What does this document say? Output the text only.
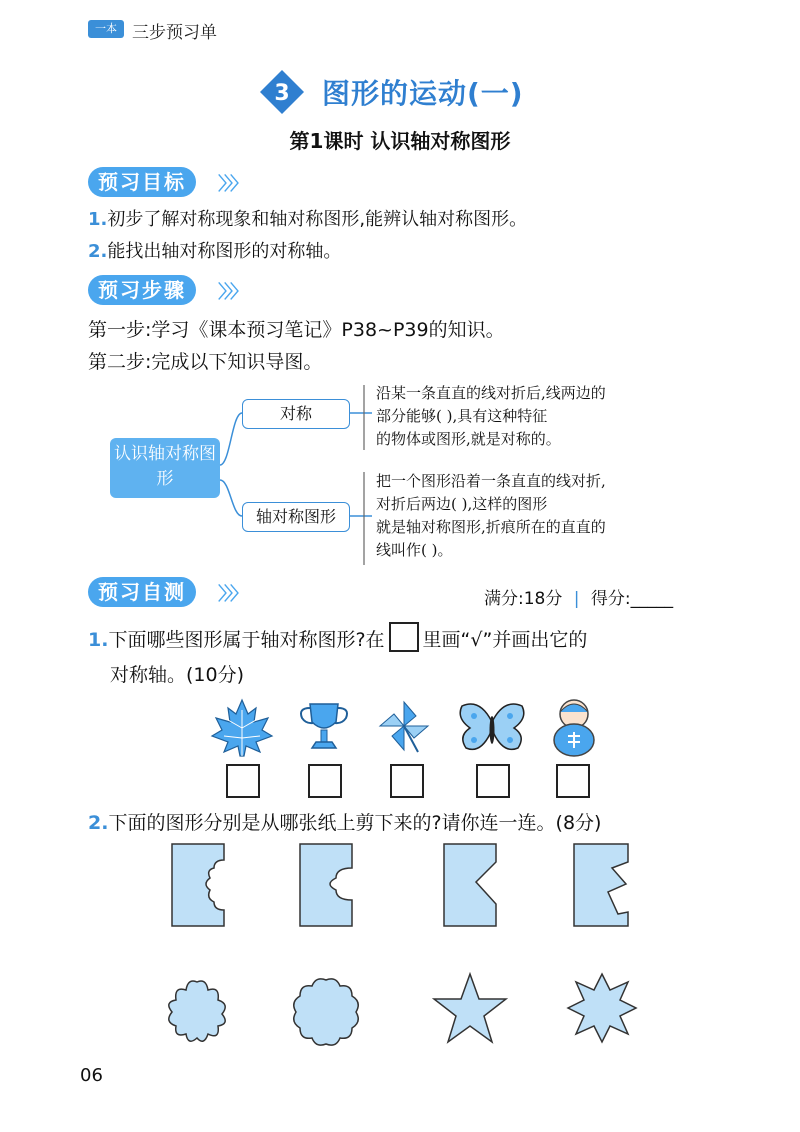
一本 三步预习单
3 图形的运动(一)
第1课时 认识轴对称图形
预习目标	〉〉〉
1.初步了解对称现象和轴对称图形,能辨认轴对称图形。
2.能找出轴对称图形的对称轴。
预习步骤	〉〉〉
第一步:学习《课本预习笔记》P38~P39的知识。
第二步:完成以下知识导图。
认识轴对称图形
对称
轴对称图形
沿某一条直直的线对折后,线两边的
部分能够( ),具有这种特征
的物体或图形,就是对称的。
把一个图形沿着一条直直的线对折,
对折后两边( ),这样的图形
就是轴对称图形,折痕所在的直直的
线叫作( )。
预习自测	〉〉〉	满分:18分 | 得分:_____
1.下面哪些图形属于轴对称图形?在 里画“√”并画出它的
对称轴。(10分)
2.下面的图形分别是从哪张纸上剪下来的?请你连一连。(8分)
06
